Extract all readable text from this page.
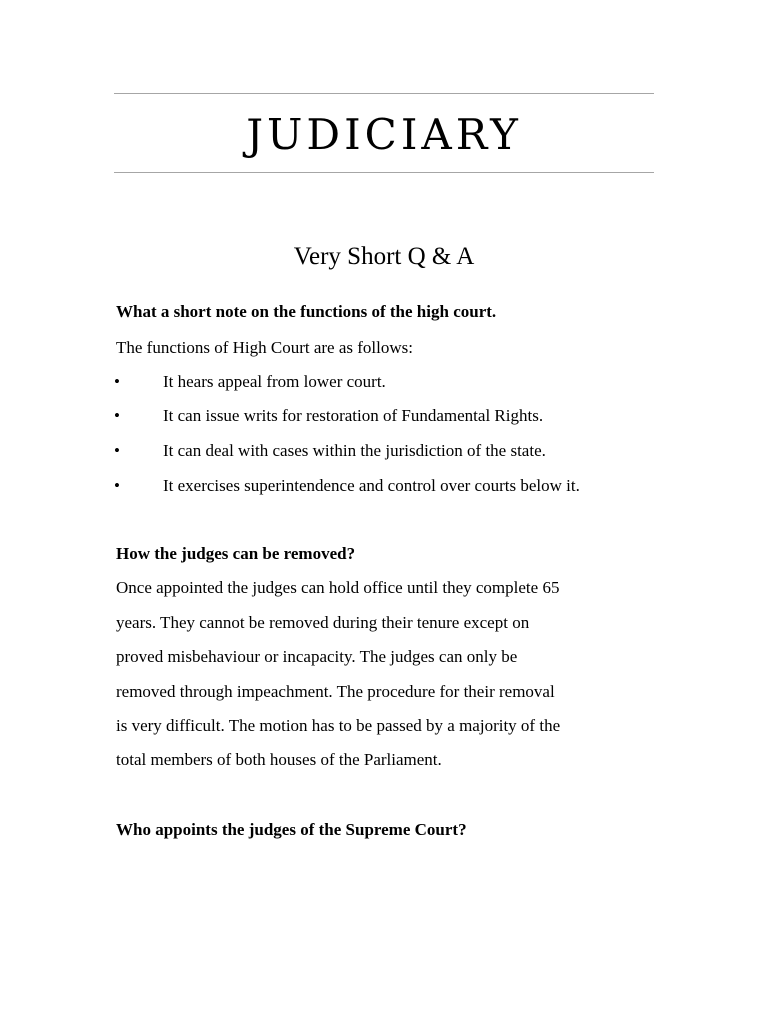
JUDICIARY
Very Short Q & A
What a short note on the functions of the high court.
The functions of High Court are as follows:
•	It hears appeal from lower court.
•	It can issue writs for restoration of Fundamental Rights.
•	It can deal with cases within the jurisdiction of the state.
•	It exercises superintendence and control over courts below it.
How the judges can be removed?
Once appointed the judges can hold office until they complete 65
years. They cannot be removed during their tenure except on
proved misbehaviour or incapacity. The judges can only be
removed through impeachment. The procedure for their removal
is very difficult. The motion has to be passed by a majority of the
total members of both houses of the Parliament.
Who appoints the judges of the Supreme Court?
